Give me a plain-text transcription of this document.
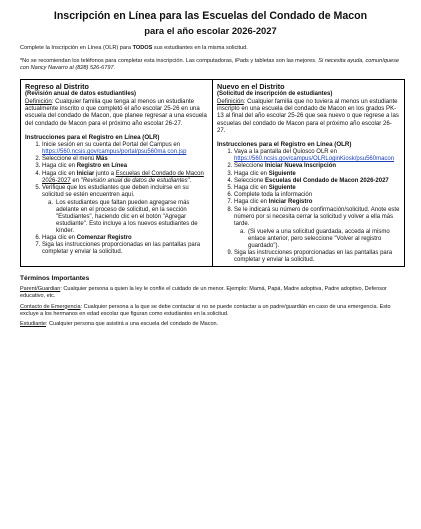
Inscripción en Línea para las Escuelas del Condado de Macon
para el año escolar 2026-2027
Complete la Inscripción en Línea (OLR) para TODOS sus estudiantes en la misma solicitud.
*No se recomiendan los teléfonos para completar esta inscripción. Las computadoras, iPads y tabletas son las mejores. Si necesita ayuda, comuníquese con Nancy Navarro al (828) 526-6797.
Regreso al Distrito
(Revisión anual de datos estudiantiles)
Definición: Cualquier familia que tenga al menos un estudiante actualmente inscrito o que completó el año escolar 25-26 en una escuela del condado de Macon, que planee regresar a una escuela del condado de Macon para el próximo año escolar 26-27.
Instrucciones para el Registro en Línea (OLR)
1. Inicie sesión en su cuenta del Portal del Campus en https://560.ncsis.gov/campus/portal/psu560ma con.jsp
2. Seleccione el menú Más
3. Haga clic en Registro en Línea
4. Haga clic en Iniciar junto a Escuelas del Condado de Macon 2026-2027 en "Revisión anual de datos de estudiantes".
5. Verifique que los estudiantes que deben incluirse en su solicitud se estén encuentren aquí.
a. Los estudiantes que faltan pueden agregarse más adelante en el proceso de solicitud, en la sección "Estudiantes", haciendo clic en el botón "Agregar estudiante". Esto incluye a los nuevos estudiantes de kínder.
6. Haga clic en Comenzar Registro
7. Siga las instrucciones proporcionadas en las pantallas para completar y enviar la solicitud.

Nuevo en el Distrito
(Solicitud de inscripción de estudiantes)
Definición: Cualquier familia que no tuviera al menos un estudiante inscripto en una escuela del condado de Macon en los grados PK-13 al final del año escolar 25-26 que sea nuevo o que regrese a las escuelas del condado de Macon para el próximo año escolar 26-27.
Instrucciones para el Registro en Línea (OLR)
1. Vaya a la pantalla del Quiosco OLR en https://560.ncsis.gov/campus/OLRLoginKiosk/psu560macon
2. Seleccione Iniciar Nueva Inscripción
3. Haga clic en Siguiente
4. Seleccione Escuelas del Condado de Macon 2026-2027
5. Haga clic en Siguiente
6. Complete toda la información
7. Haga clic en Iniciar Registro
8. Se le indicará su número de confirmación/solicitud. Anote este número por si necesita cerrar la solicitud y volver a ella más tarde.
a. (Si vuelve a una solicitud guardada, acceda al mismo enlace anterior, pero seleccione "Volver al registro guardado").
9. Siga las instrucciones proporcionadas en las pantallas para completar y enviar la solicitud.
Términos Importantes
Parent/Guardian: Cualquier persona a quien la ley le confíe el cuidado de un menor. Ejemplo: Mamá, Papá, Madre adoptiva, Padre adoptivo, Defensor educativo, etc.
Contacto de Emergencia: Cualquier persona a la que se debe contactar si no se puede contactar a un padre/guardián en caso de una emergencia. Esto excluye a los hermanos en edad escolar que figuran como estudiantes en la solicitud.
Estudiante: Cualquier persona que asistirá a una escuela del condado de Macon.
